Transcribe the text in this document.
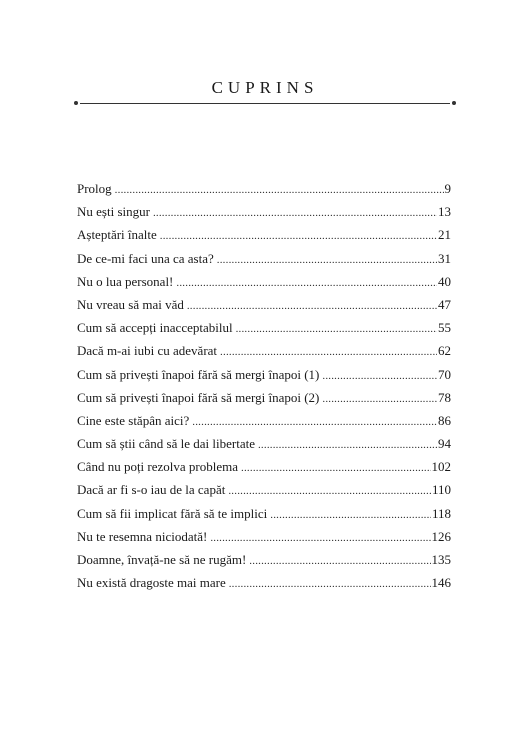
CUPRINS
Prolog .....	9
Nu ești singur .....	13
Așteptări înalte .....	21
De ce-mi faci una ca asta? .....	31
Nu o lua personal! .....	40
Nu vreau să mai văd .....	47
Cum să accepți inacceptabilul .....	55
Dacă m-ai iubi cu adevărat .....	62
Cum să privești înapoi fără să mergi înapoi (1) .....	70
Cum să privești înapoi fără să mergi înapoi (2) .....	78
Cine este stăpân aici? .....	86
Cum să știi când să le dai libertate .....	94
Când nu poți rezolva problema .....	102
Dacă ar fi s-o iau de la capăt .....	110
Cum să fii implicat fără să te implici .....	118
Nu te resemna niciodată! .....	126
Doamne, învață-ne să ne rugăm! .....	135
Nu există dragoste mai mare .....	146
